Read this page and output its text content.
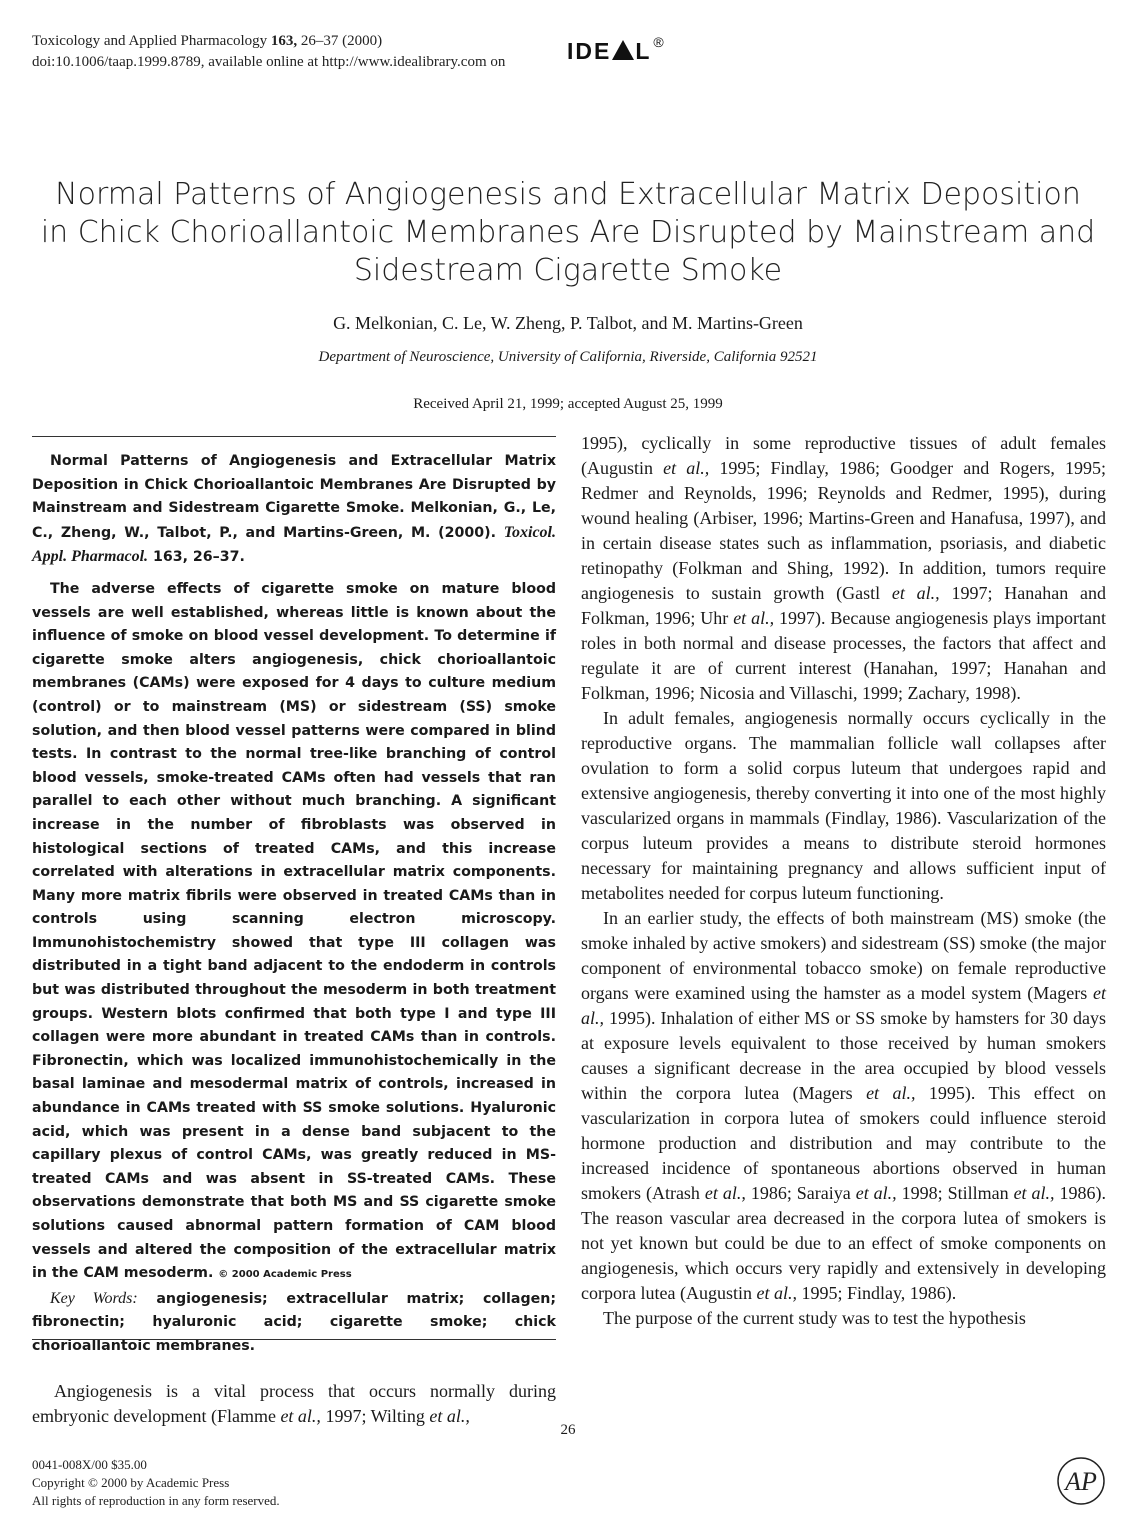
Toxicology and Applied Pharmacology 163, 26–37 (2000)
doi:10.1006/taap.1999.8789, available online at http://www.idealibrary.com on	IDE L ®
Normal Patterns of Angiogenesis and Extracellular Matrix Deposition in Chick Chorioallantoic Membranes Are Disrupted by Mainstream and Sidestream Cigarette Smoke
G. Melkonian, C. Le, W. Zheng, P. Talbot, and M. Martins-Green
Department of Neuroscience, University of California, Riverside, California 92521
Received April 21, 1999; accepted August 25, 1999

Normal Patterns of Angiogenesis and Extracellular Matrix Deposition in Chick Chorioallantoic Membranes Are Disrupted by Mainstream and Sidestream Cigarette Smoke. Melkonian, G., Le, C., Zheng, W., Talbot, P., and Martins-Green, M. (2000). Toxicol. Appl. Pharmacol. 163, 26–37.

The adverse effects of cigarette smoke on mature blood vessels are well established, whereas little is known about the influence of smoke on blood vessel development. To determine if cigarette smoke alters angiogenesis, chick chorioallantoic membranes (CAMs) were exposed for 4 days to culture medium (control) or to mainstream (MS) or sidestream (SS) smoke solution, and then blood vessel patterns were compared in blind tests. In contrast to the normal tree-like branching of control blood vessels, smoke-treated CAMs often had vessels that ran parallel to each other without much branching. A significant increase in the number of fibroblasts was observed in histological sections of treated CAMs, and this increase correlated with alterations in extracellular matrix components. Many more matrix fibrils were observed in treated CAMs than in controls using scanning electron microscopy. Immunohistochemistry showed that type III collagen was distributed in a tight band adjacent to the endoderm in controls but was distributed throughout the mesoderm in both treatment groups. Western blots confirmed that both type I and type III collagen were more abundant in treated CAMs than in controls. Fibronectin, which was localized immunohistochemically in the basal laminae and mesodermal matrix of controls, increased in abundance in CAMs treated with SS smoke solutions. Hyaluronic acid, which was present in a dense band subjacent to the capillary plexus of control CAMs, was greatly reduced in MS-treated CAMs and was absent in SS-treated CAMs. These observations demonstrate that both MS and SS cigarette smoke solutions caused abnormal pattern formation of CAM blood vessels and altered the composition of the extracellular matrix in the CAM mesoderm. © 2000 Academic Press

Key Words: angiogenesis; extracellular matrix; collagen; fibronectin; hyaluronic acid; cigarette smoke; chick chorioallantoic membranes.

Angiogenesis is a vital process that occurs normally during embryonic development (Flamme et al., 1997; Wilting et al.,

1995), cyclically in some reproductive tissues of adult females (Augustin et al., 1995; Findlay, 1986; Goodger and Rogers, 1995; Redmer and Reynolds, 1996; Reynolds and Redmer, 1995), during wound healing (Arbiser, 1996; Martins-Green and Hanafusa, 1997), and in certain disease states such as inflammation, psoriasis, and diabetic retinopathy (Folkman and Shing, 1992). In addition, tumors require angiogenesis to sustain growth (Gastl et al., 1997; Hanahan and Folkman, 1996; Uhr et al., 1997). Because angiogenesis plays important roles in both normal and disease processes, the factors that affect and regulate it are of current interest (Hanahan, 1997; Hanahan and Folkman, 1996; Nicosia and Villaschi, 1999; Zachary, 1998).

In adult females, angiogenesis normally occurs cyclically in the reproductive organs. The mammalian follicle wall collapses after ovulation to form a solid corpus luteum that undergoes rapid and extensive angiogenesis, thereby converting it into one of the most highly vascularized organs in mammals (Findlay, 1986). Vascularization of the corpus luteum provides a means to distribute steroid hormones necessary for maintaining pregnancy and allows sufficient input of metabolites needed for corpus luteum functioning.

In an earlier study, the effects of both mainstream (MS) smoke (the smoke inhaled by active smokers) and sidestream (SS) smoke (the major component of environmental tobacco smoke) on female reproductive organs were examined using the hamster as a model system (Magers et al., 1995). Inhalation of either MS or SS smoke by hamsters for 30 days at exposure levels equivalent to those received by human smokers causes a significant decrease in the area occupied by blood vessels within the corpora lutea (Magers et al., 1995). This effect on vascularization in corpora lutea of smokers could influence steroid hormone production and distribution and may contribute to the increased incidence of spontaneous abortions observed in human smokers (Atrash et al., 1986; Saraiya et al., 1998; Stillman et al., 1986). The reason vascular area decreased in the corpora lutea of smokers is not yet known but could be due to an effect of smoke components on angiogenesis, which occurs very rapidly and extensively in developing corpora lutea (Augustin et al., 1995; Findlay, 1986).

The purpose of the current study was to test the hypothesis

26
0041-008X/00 $35.00
Copyright © 2000 by Academic Press
All rights of reproduction in any form reserved.
AP
